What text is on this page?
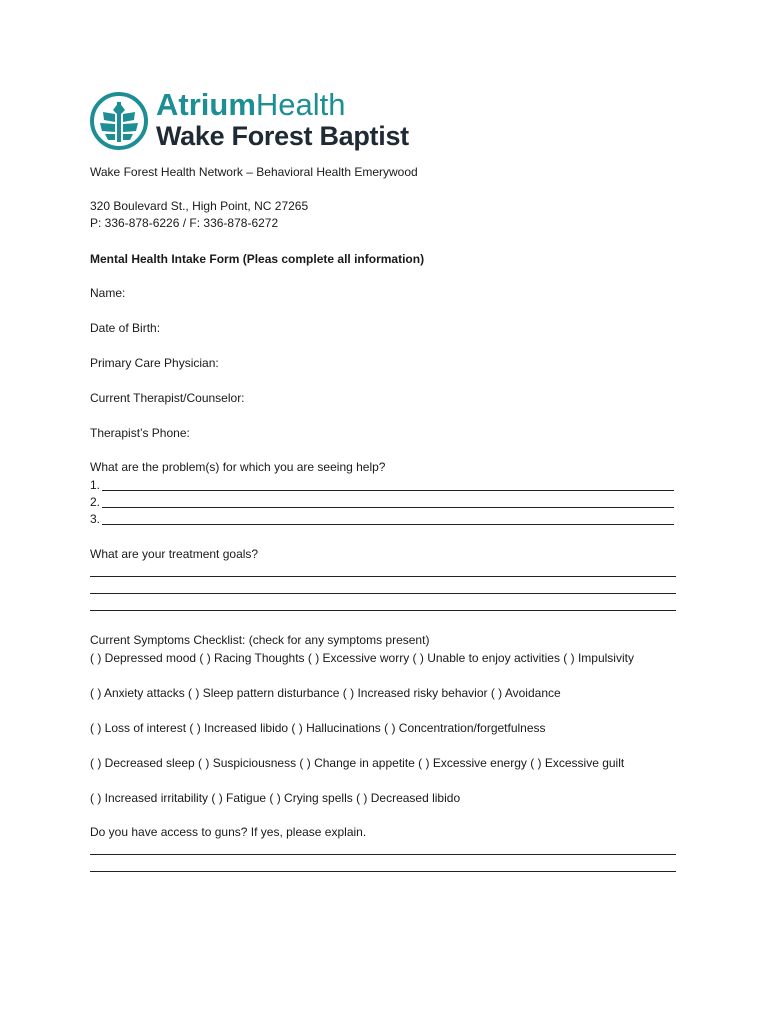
AtriumHealth
Wake Forest Baptist
Wake Forest Health Network – Behavioral Health Emerywood
320 Boulevard St., High Point, NC 27265
P: 336-878-6226 / F: 336-878-6272
Mental Health Intake Form (Pleas complete all information)
Name:
Date of Birth:
Primary Care Physician:
Current Therapist/Counselor:
Therapist’s Phone:
What are the problem(s) for which you are seeing help?
1.
2.
3.
What are your treatment goals?
Current Symptoms Checklist: (check for any symptoms present)
( ) Depressed mood ( ) Racing Thoughts ( ) Excessive worry ( ) Unable to enjoy activities ( ) Impulsivity
( ) Anxiety attacks ( ) Sleep pattern disturbance ( ) Increased risky behavior ( ) Avoidance
( ) Loss of interest ( ) Increased libido ( ) Hallucinations ( ) Concentration/forgetfulness
( ) Decreased sleep ( ) Suspiciousness ( ) Change in appetite ( ) Excessive energy ( ) Excessive guilt
( ) Increased irritability ( ) Fatigue ( ) Crying spells ( ) Decreased libido
Do you have access to guns? If yes, please explain.
